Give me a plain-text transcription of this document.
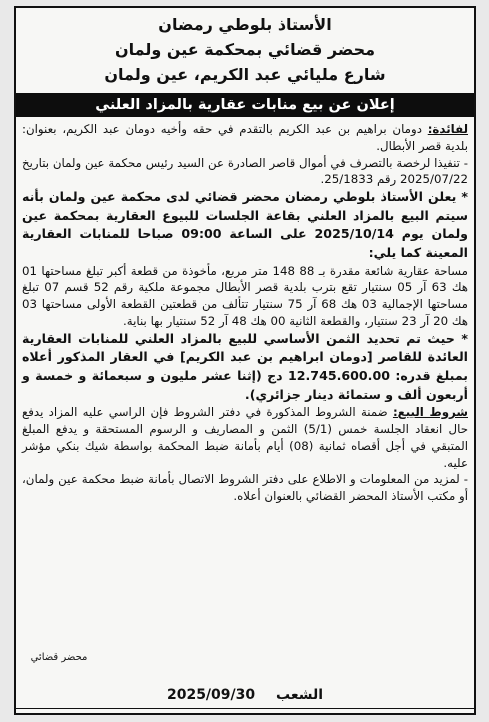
الأستاذ بلوطي رمضان
محضر قضائي بمحكمة عين ولمان
شارع مليائي عبد الكريم، عين ولمان
إعلان عن بيع منابات عقارية بالمزاد العلني

لفائدة: دومان براهيم بن عبد الكريم بالتقدم في حقه وأخيه دومان عبد الكريم، بعنوان: بلدية قصر الأبطال.

- تنفيذا لرخصة بالتصرف في أموال قاصر الصادرة عن السيد رئيس محكمة عين ولمان بتاريخ 2025/07/22 رقم 25/1833.

* يعلن الأستاذ بلوطي رمضان محضر قضائي لدى محكمة عين ولمان بأنه سيتم البيع بالمزاد العلني بقاعة الجلسات للبيوع العقارية بمحكمة عين ولمان يوم 2025/10/14 على الساعة 09:00 صباحا للمنابات العقارية المعينة كما يلي:

مساحة عقارية شائعة مقدرة بـ 88 148 متر مربع، مأخوذة من قطعة أكبر تبلغ مساحتها 01 هك 63 آر 05 سنتيار تقع بترب بلدية قصر الأبطال مجموعة ملكية رقم 52 قسم 07 تبلغ مساحتها الإجمالية 03 هك 68 آر 75 سنتيار تتألف من قطعتين القطعة الأولى مساحتها 03 هك 20 آر 23 سنتيار، والقطعة الثانية 00 هك 48 آر 52 سنتيار بها بناية.

* حيث تم تحديد الثمن الأساسي للبيع بالمزاد العلني للمنابات العقارية العائدة للقاصر [دومان ابراهيم بن عبد الكريم] في العقار المذكور أعلاه بمبلغ قدره: 12.745.600.00 دج (إثنا عشر مليون و سبعمائة و خمسة و أربعون ألف و ستمائة دينار جزائري).

شروط البيع: ضمنة الشروط المذكورة في دفتر الشروط فإن الراسي عليه المزاد يدفع حال انعقاد الجلسة خمس (5/1) الثمن و المصاريف و الرسوم المستحقة و يدفع المبلغ المتبقي في أجل أقصاه ثمانية (08) أيام بأمانة ضبط المحكمة بواسطة شيك بنكي مؤشر عليه.

- لمزيد من المعلومات و الاطلاع على دفتر الشروط الاتصال بأمانة ضبط محكمة عين ولمان، أو مكتب الأستاذ المحضر القضائي بالعنوان أعلاه.

محضر قضائي
الشعب 2025/09/30
